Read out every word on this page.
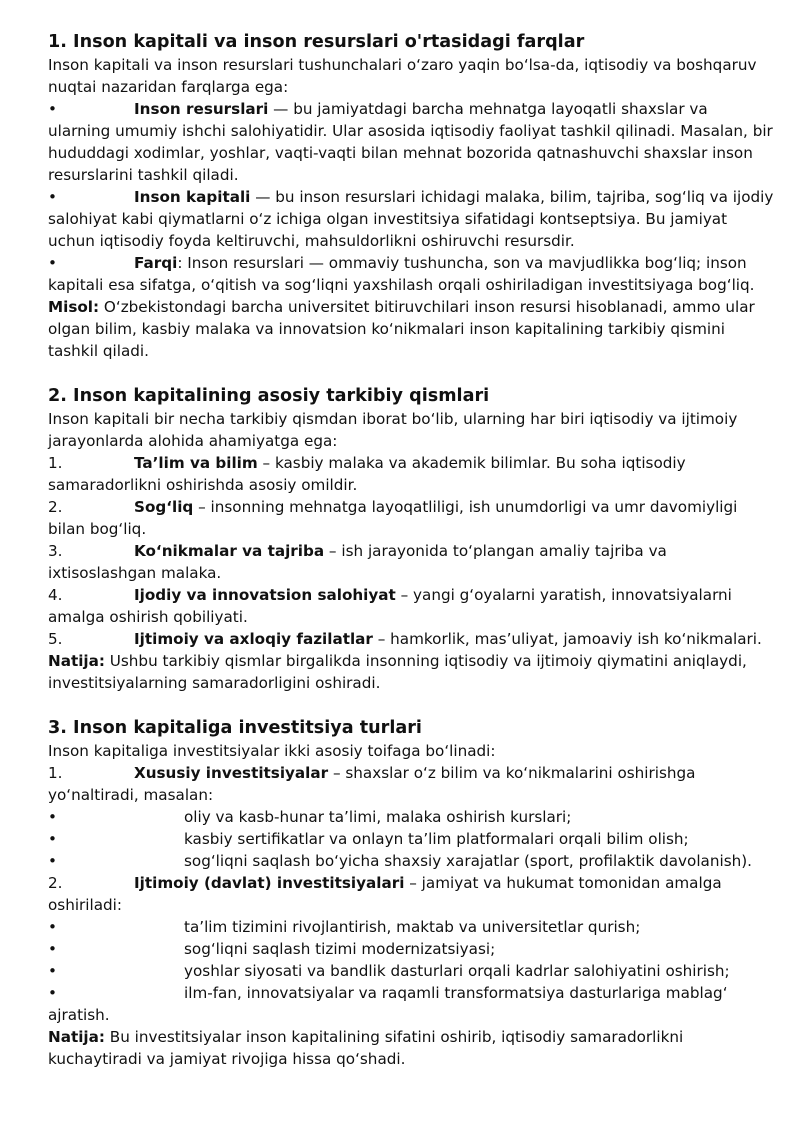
1. Inson kapitali va inson resurslari o'rtasidagi farqlar

Inson kapitali va inson resurslari tushunchalari o‘zaro yaqin bo‘lsa-da, iqtisodiy va boshqaruv nuqtai nazaridan farqlarga ega:

•	Inson resurslari — bu jamiyatdagi barcha mehnatga layoqatli shaxslar va ularning umumiy ishchi salohiyatidir. Ular asosida iqtisodiy faoliyat tashkil qilinadi. Masalan, bir hududdagi xodimlar, yoshlar, vaqti-vaqti bilan mehnat bozorida qatnashuvchi shaxslar inson resurslarini tashkil qiladi.

•	Inson kapitali — bu inson resurslari ichidagi malaka, bilim, tajriba, sog‘liq va ijodiy salohiyat kabi qiymatlarni o‘z ichiga olgan investitsiya sifatidagi kontseptsiya. Bu jamiyat uchun iqtisodiy foyda keltiruvchi, mahsuldorlikni oshiruvchi resursdir.

•	Farqi: Inson resurslari — ommaviy tushuncha, son va mavjudlikka bog‘liq; inson kapitali esa sifatga, o‘qitish va sog‘liqni yaxshilash orqali oshiriladigan investitsiyaga bog‘liq.

Misol: O‘zbekistondagi barcha universitet bitiruvchilari inson resursi hisoblanadi, ammo ular olgan bilim, kasbiy malaka va innovatsion ko‘nikmalari inson kapitalining tarkibiy qismini tashkil qiladi.

2. Inson kapitalining asosiy tarkibiy qismlari

Inson kapitali bir necha tarkibiy qismdan iborat bo‘lib, ularning har biri iqtisodiy va ijtimoiy jarayonlarda alohida ahamiyatga ega:

1.	Ta’lim va bilim – kasbiy malaka va akademik bilimlar. Bu soha iqtisodiy samaradorlikni oshirishda asosiy omildir.

2.	Sog‘liq – insonning mehnatga layoqatliligi, ish unumdorligi va umr davomiyligi bilan bog‘liq.

3.	Ko‘nikmalar va tajriba – ish jarayonida to‘plangan amaliy tajriba va ixtisoslashgan malaka.

4.	Ijodiy va innovatsion salohiyat – yangi g‘oyalarni yaratish, innovatsiyalarni amalga oshirish qobiliyati.

5.	Ijtimoiy va axloqiy fazilatlar – hamkorlik, mas’uliyat, jamoaviy ish ko‘nikmalari.

Natija: Ushbu tarkibiy qismlar birgalikda insonning iqtisodiy va ijtimoiy qiymatini aniqlaydi, investitsiyalarning samaradorligini oshiradi.

3. Inson kapitaliga investitsiya turlari

Inson kapitaliga investitsiyalar ikki asosiy toifaga bo‘linadi:

1.	Xususiy investitsiyalar – shaxslar o‘z bilim va ko‘nikmalarini oshirishga yo‘naltiradi, masalan:

•	oliy va kasb-hunar ta’limi, malaka oshirish kurslari;

•	kasbiy sertifikatlar va onlayn ta’lim platformalari orqali bilim olish;

•	sog‘liqni saqlash bo‘yicha shaxsiy xarajatlar (sport, profilaktik davolanish).

2.	Ijtimoiy (davlat) investitsiyalari – jamiyat va hukumat tomonidan amalga oshiriladi:

•	ta’lim tizimini rivojlantirish, maktab va universitetlar qurish;

•	sog‘liqni saqlash tizimi modernizatsiyasi;

•	yoshlar siyosati va bandlik dasturlari orqali kadrlar salohiyatini oshirish;

•	ilm-fan, innovatsiyalar va raqamli transformatsiya dasturlariga mablag‘ ajratish.

Natija: Bu investitsiyalar inson kapitalining sifatini oshirib, iqtisodiy samaradorlikni kuchaytiradi va jamiyat rivojiga hissa qo‘shadi.
